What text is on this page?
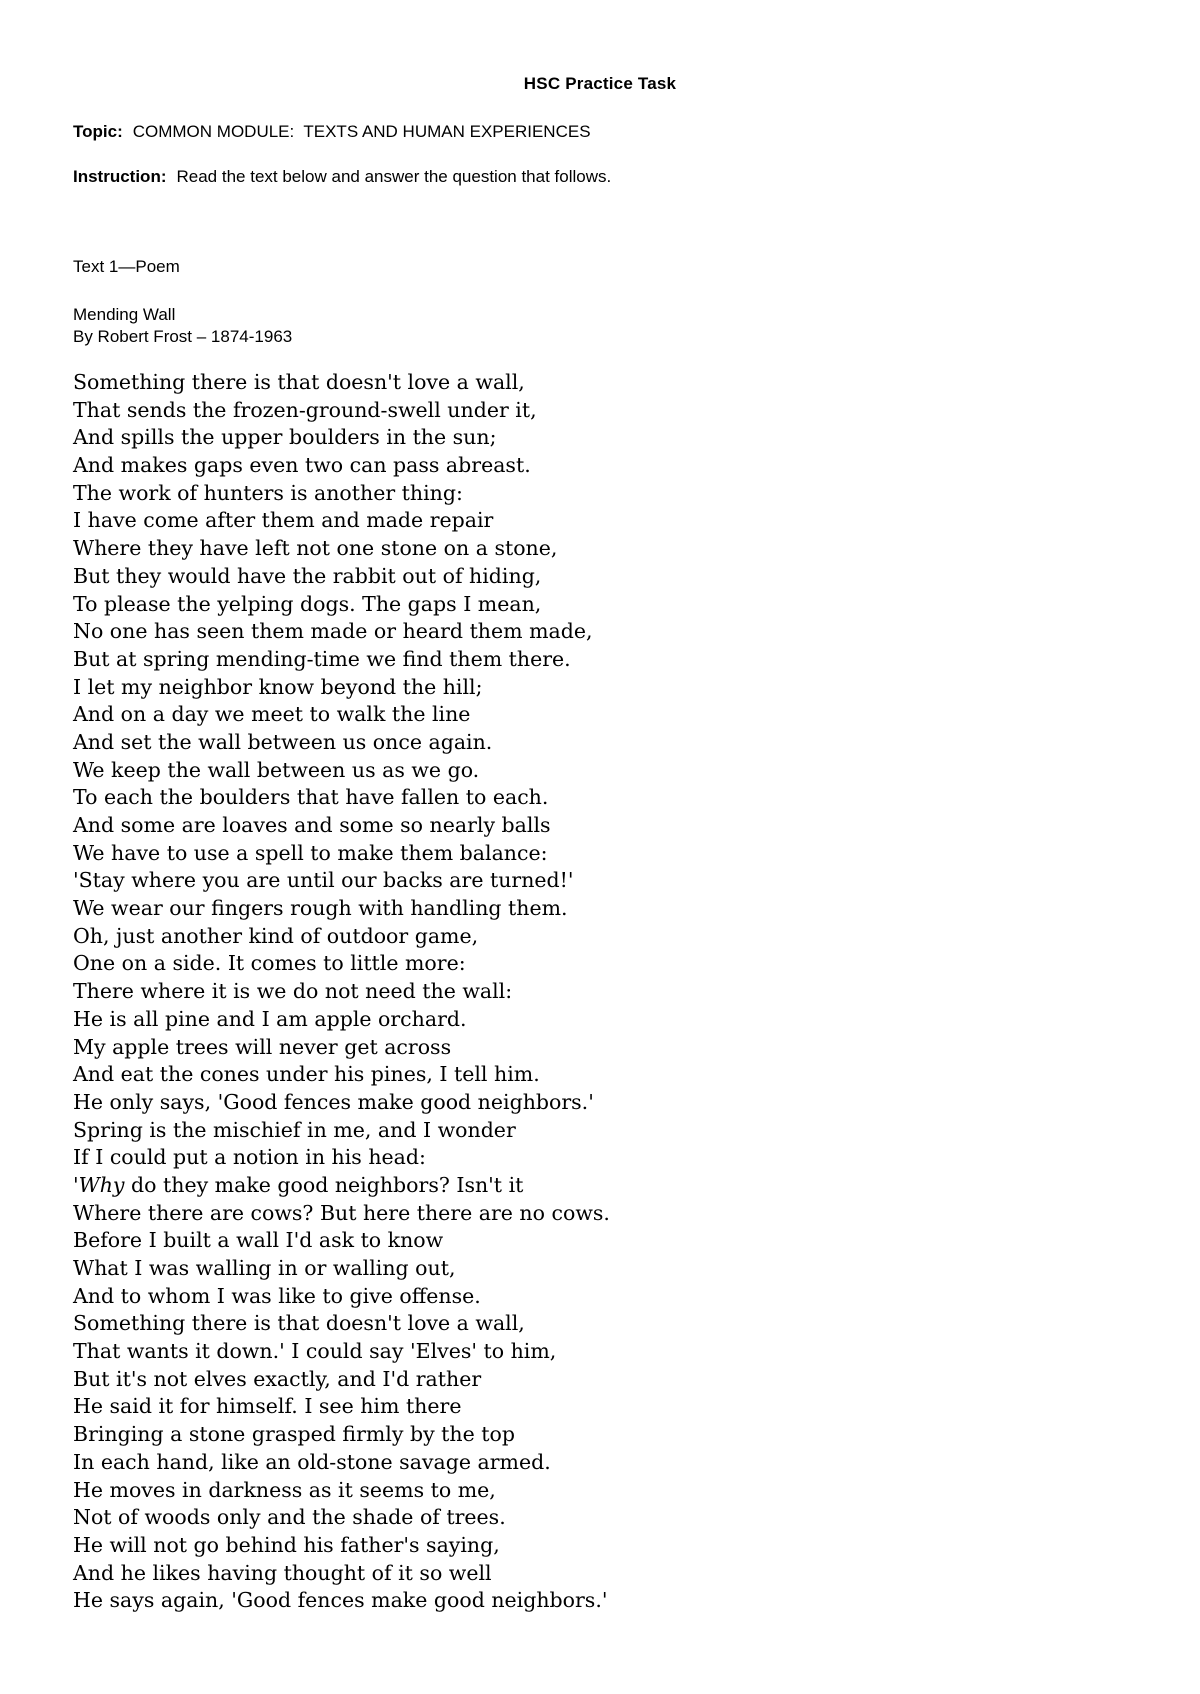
HSC Practice Task
Topic: COMMON MODULE:  TEXTS AND HUMAN EXPERIENCES
Instruction: Read the text below and answer the question that follows.
Text 1—Poem
Mending Wall
By Robert Frost – 1874-1963
Something there is that doesn't love a wall,
That sends the frozen-ground-swell under it,
And spills the upper boulders in the sun;
And makes gaps even two can pass abreast.
The work of hunters is another thing:
I have come after them and made repair
Where they have left not one stone on a stone,
But they would have the rabbit out of hiding,
To please the yelping dogs. The gaps I mean,
No one has seen them made or heard them made,
But at spring mending-time we find them there.
I let my neighbor know beyond the hill;
And on a day we meet to walk the line
And set the wall between us once again.
We keep the wall between us as we go.
To each the boulders that have fallen to each.
And some are loaves and some so nearly balls
We have to use a spell to make them balance:
'Stay where you are until our backs are turned!'
We wear our fingers rough with handling them.
Oh, just another kind of outdoor game,
One on a side. It comes to little more:
There where it is we do not need the wall:
He is all pine and I am apple orchard.
My apple trees will never get across
And eat the cones under his pines, I tell him.
He only says, 'Good fences make good neighbors.'
Spring is the mischief in me, and I wonder
If I could put a notion in his head:
'Why do they make good neighbors? Isn't it
Where there are cows? But here there are no cows.
Before I built a wall I'd ask to know
What I was walling in or walling out,
And to whom I was like to give offense.
Something there is that doesn't love a wall,
That wants it down.' I could say 'Elves' to him,
But it's not elves exactly, and I'd rather
He said it for himself. I see him there
Bringing a stone grasped firmly by the top
In each hand, like an old-stone savage armed.
He moves in darkness as it seems to me,
Not of woods only and the shade of trees.
He will not go behind his father's saying,
And he likes having thought of it so well
He says again, 'Good fences make good neighbors.'
